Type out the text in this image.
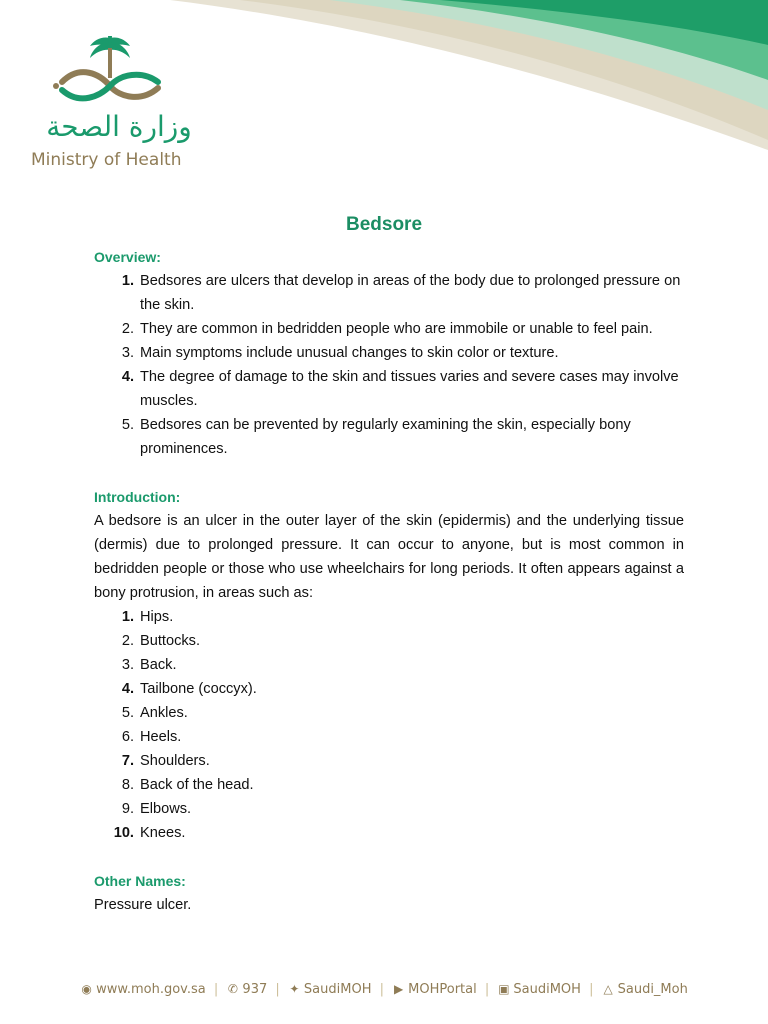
وزارة الصحة
Ministry of Health
Bedsore
Overview:
1. Bedsores are ulcers that develop in areas of the body due to prolonged pressure on the skin.
2. They are common in bedridden people who are immobile or unable to feel pain.
3. Main symptoms include unusual changes to skin color or texture.
4. The degree of damage to the skin and tissues varies and severe cases may involve muscles.
5. Bedsores can be prevented by regularly examining the skin, especially bony prominences.
Introduction:
A bedsore is an ulcer in the outer layer of the skin (epidermis) and the underlying tissue (dermis) due to prolonged pressure. It can occur to anyone, but is most common in bedridden people or those who use wheelchairs for long periods. It often appears against a bony protrusion, in areas such as:
1. Hips.
2. Buttocks.
3. Back.
4. Tailbone (coccyx).
5. Ankles.
6. Heels.
7. Shoulders.
8. Back of the head.
9. Elbows.
10. Knees.
Other Names:
Pressure ulcer.
◉ www.moh.gov.sa | ✆ 937 | ✦ SaudiMOH | ▶ MOHPortal | ▣ SaudiMOH | △ Saudi_Moh
